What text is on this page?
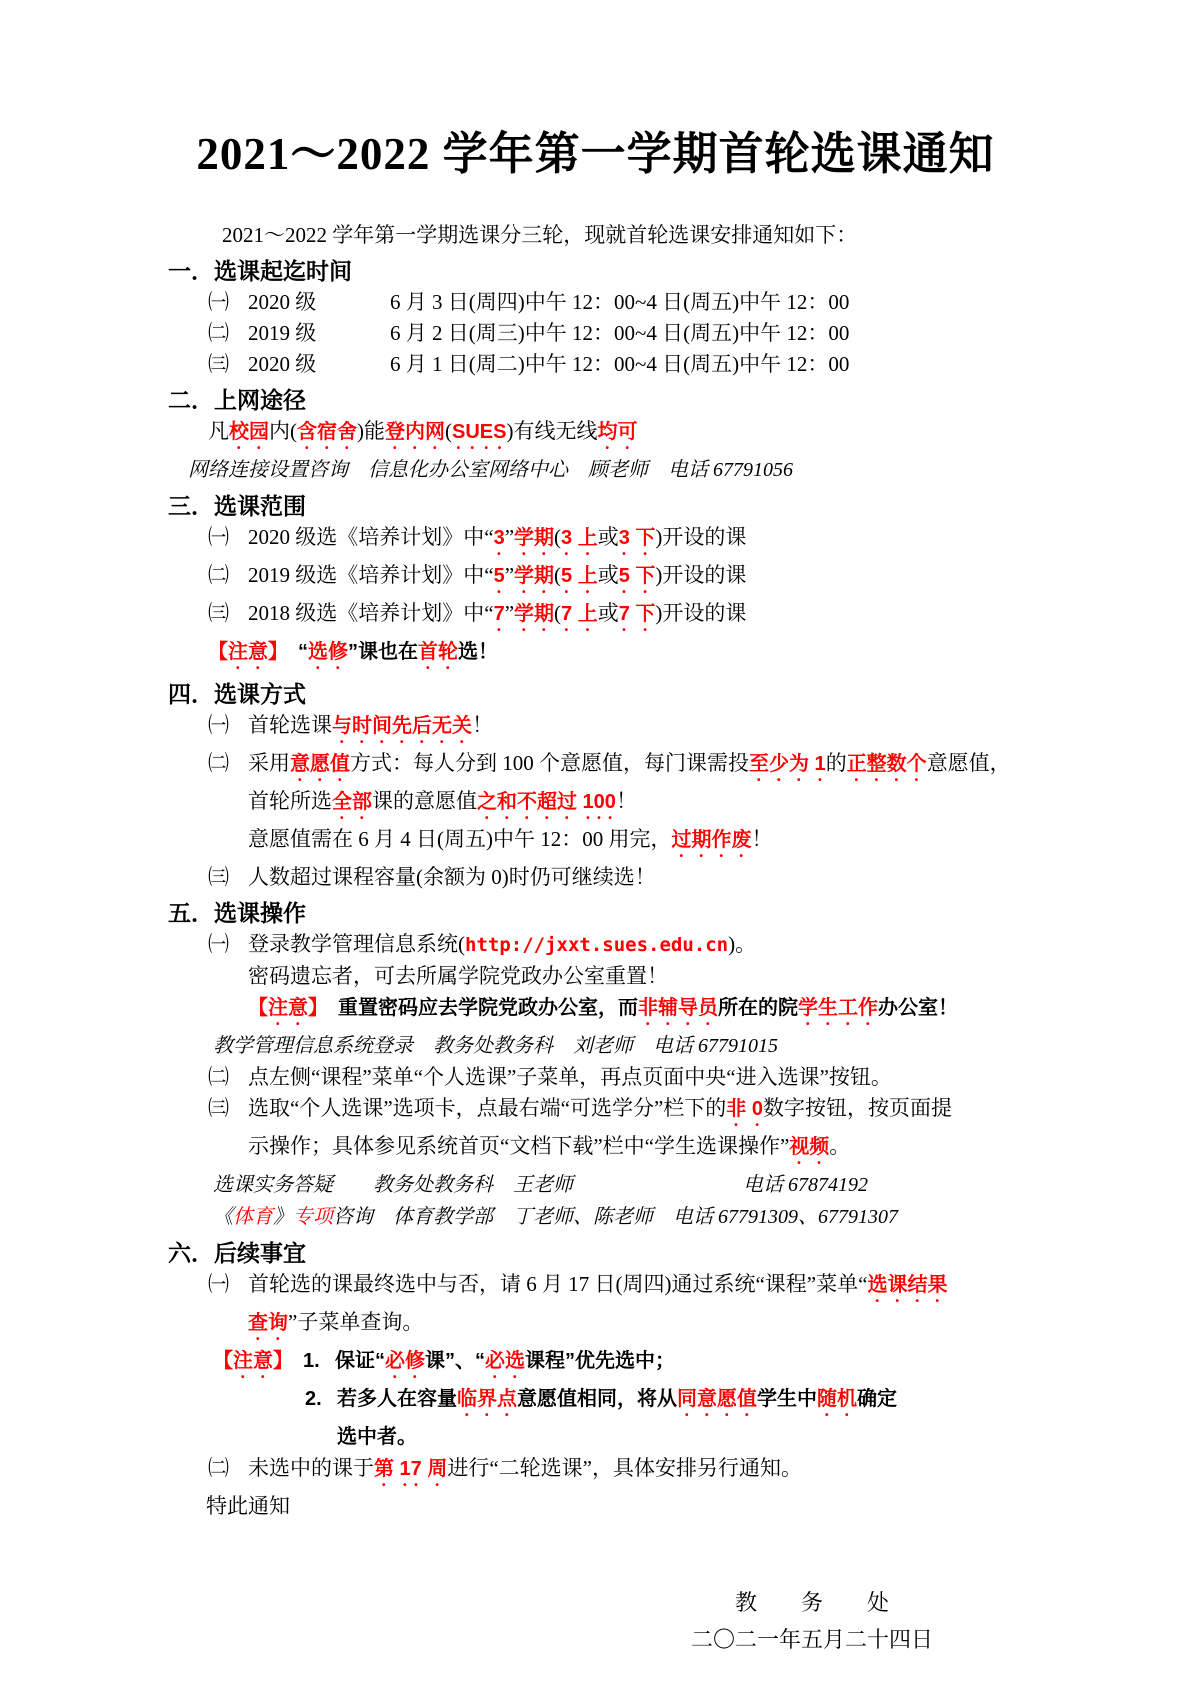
2021～2022 学年第一学期首轮选课通知
2021～2022 学年第一学期选课分三轮，现就首轮选课安排通知如下：
一．选课起迄时间
㈠ 2020 级	6 月 3 日(周四)中午 12：00~4 日(周五)中午 12：00
㈡ 2019 级	6 月 2 日(周三)中午 12：00~4 日(周五)中午 12：00
㈢ 2020 级	6 月 1 日(周二)中午 12：00~4 日(周五)中午 12：00
二．上网途径
凡校园内(含宿舍)能登内网(SUES)有线无线均可
网络连接设置咨询　信息化办公室网络中心　顾老师　电话 67791056
三．选课范围
㈠ 2020 级选《培养计划》中“3”学期(3 上或3 下)开设的课
㈡ 2019 级选《培养计划》中“5”学期(5 上或5 下)开设的课
㈢ 2018 级选《培养计划》中“7”学期(7 上或7 下)开设的课
【注意】　“选修”课也在首轮选！
四．选课方式
㈠ 首轮选课与时间先后无关！
㈡ 采用意愿值方式：每人分到 100 个意愿值，每门课需投至少为 1的正整数个意愿值，
首轮所选全部课的意愿值之和不超过 100！
意愿值需在 6 月 4 日(周五)中午 12：00 用完，过期作废！
㈢ 人数超过课程容量(余额为 0)时仍可继续选！
五．选课操作
㈠ 登录教学管理信息系统(http://jxxt.sues.edu.cn)。
密码遗忘者，可去所属学院党政办公室重置！
【注意】　重置密码应去学院党政办公室，而非辅导员所在的院学生工作办公室！
教学管理信息系统登录　教务处教务科　刘老师　电话 67791015
㈡ 点左侧“课程”菜单“个人选课”子菜单，再点页面中央“进入选课”按钮。
㈢ 选取“个人选课”选项卡，点最右端“可选学分”栏下的非 0数字按钮，按页面提
示操作；具体参见系统首页“文档下载”栏中“学生选课操作”视频。
选课实务答疑　　教务处教务科　王老师	电话 67874192
《体育》专项咨询　体育教学部　丁老师、陈老师　电话 67791309、67791307
六．后续事宜
㈠ 首轮选的课最终选中与否，请 6 月 17 日(周四)通过系统“课程”菜单“选课结果
查询”子菜单查询。
【注意】 1. 保证“必修课”、“必选课程”优先选中；
2. 若多人在容量临界点意愿值相同，将从同意愿值学生中随机确定
选中者。
㈡ 未选中的课于第 17 周进行“二轮选课”，具体安排另行通知。
特此通知
教　　务　　处
二〇二一年五月二十四日
